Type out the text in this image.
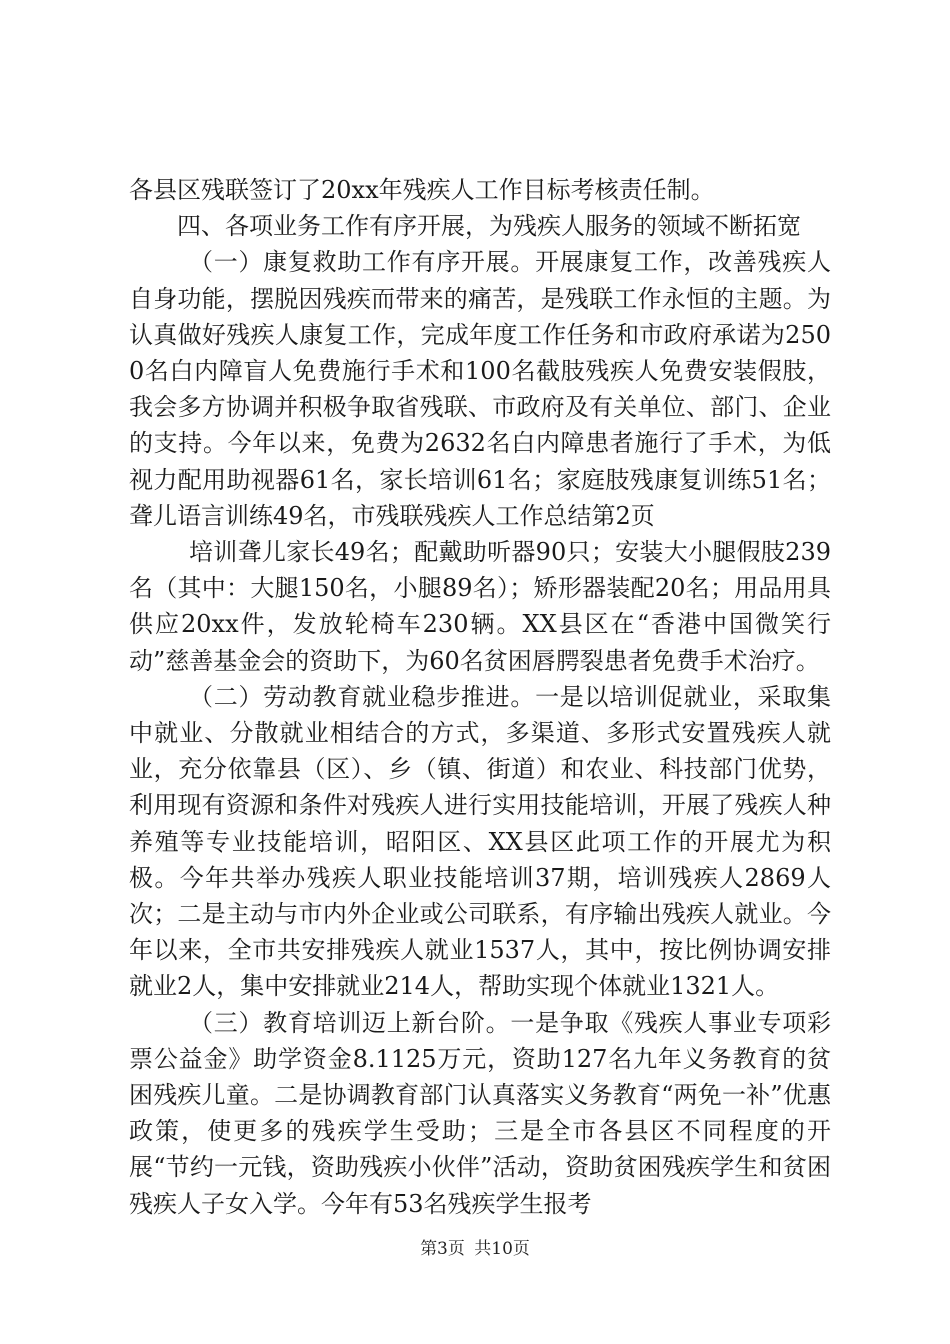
各县区残联签订了20xx年残疾人工作目标考核责任制。

四、各项业务工作有序开展，为残疾人服务的领域不断拓宽

（一）康复救助工作有序开展。开展康复工作，改善残疾人自身功能，摆脱因残疾而带来的痛苦，是残联工作永恒的主题。为认真做好残疾人康复工作，完成年度工作任务和市政府承诺为2500名白内障盲人免费施行手术和100名截肢残疾人免费安装假肢，我会多方协调并积极争取省残联、市政府及有关单位、部门、企业的支持。今年以来，免费为2632名白内障患者施行了手术，为低视力配用助视器61名，家长培训61名；家庭肢残康复训练51名；聋儿语言训练49名，市残联残疾人工作总结第2页

培训聋儿家长49名；配戴助听器90只；安装大小腿假肢239名（其中：大腿150名，小腿89名）；矫形器装配20名；用品用具供应20xx件，发放轮椅车230辆。XX县区在“香港中国微笑行动”慈善基金会的资助下，为60名贫困唇腭裂患者免费手术治疗。

（二）劳动教育就业稳步推进。一是以培训促就业，采取集中就业、分散就业相结合的方式，多渠道、多形式安置残疾人就业，充分依靠县（区）、乡（镇、街道）和农业、科技部门优势，利用现有资源和条件对残疾人进行实用技能培训，开展了残疾人种养殖等专业技能培训，昭阳区、XX县区此项工作的开展尤为积极。今年共举办残疾人职业技能培训37期，培训残疾人2869人次；二是主动与市内外企业或公司联系，有序输出残疾人就业。今年以来，全市共安排残疾人就业1537人，其中，按比例协调安排就业2人，集中安排就业214人，帮助实现个体就业1321人。

（三）教育培训迈上新台阶。一是争取《残疾人事业专项彩票公益金》助学资金8.1125万元，资助127名九年义务教育的贫困残疾儿童。二是协调教育部门认真落实义务教育“两免一补”优惠政策，使更多的残疾学生受助；三是全市各县区不同程度的开展“节约一元钱，资助残疾小伙伴”活动，资助贫困残疾学生和贫困残疾人子女入学。今年有53名残疾学生报考

第3页 共10页
